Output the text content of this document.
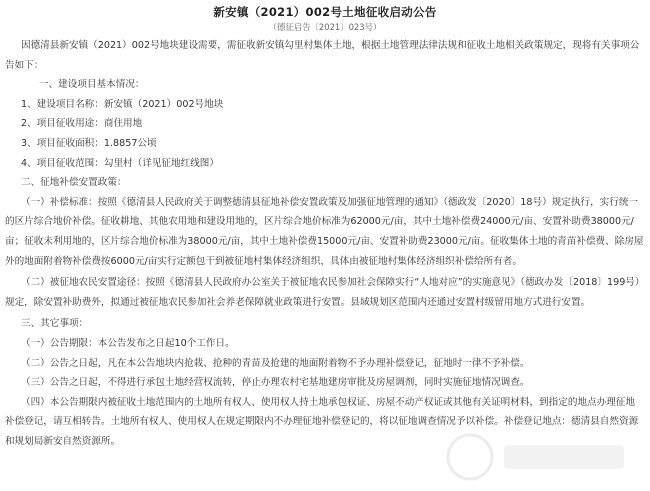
新安镇（2021）002号土地征收启动公告
（德征启告〔2021〕023号）

因德清县新安镇（2021）002号地块建设需要，需征收新安镇勾里村集体土地，根据土地管理法律法规和征收土地相关政策规定，现将有关事项公告如下：

一、建设项目基本情况：

1、建设项目名称：新安镇（2021）002号地块

2、项目征收用途：商住用地

3、项目征收面积：1.8857公顷

4、项目征收范围：勾里村（详见征地红线图）

二、征地补偿安置政策：

（一）补偿标准：按照《德清县人民政府关于调整德清县征地补偿安置政策及加强征地管理的通知》（德政发〔2020〕18号）规定执行，实行统一的区片综合地价补偿。征收耕地、其他农用地和建设用地的，区片综合地价标准为62000元/亩，其中土地补偿费24000元/亩、安置补助费38000元/亩；征收未利用地的，区片综合地价标准为38000元/亩，其中土地补偿费15000元/亩、安置补助费23000元/亩。征收集体土地的青苗补偿费、除房屋外的地面附着物补偿费按6000元/亩实行定额包干到被征地村集体经济组织，具体由被征地村集体经济组织补偿给所有者。

（二）被征地农民安置途径：按照《德清县人民政府办公室关于被征地农民参加社会保障实行“人地对应”的实施意见》（德政办发〔2018〕199号）规定，除安置补助费外，拟通过被征地农民参加社会养老保障就业政策进行安置。县域规划区范围内还通过安置村级留用地方式进行安置。

三、其它事项：

（一）公告期限：本公告发布之日起10个工作日。

（二）公告之日起，凡在本公告地块内抢栽、抢种的青苗及抢建的地面附着物不予办理补偿登记，征地时一律不予补偿。

（三）公告之日起，不得进行承包土地经营权流转，停止办理农村宅基地建房审批及房屋调剂，同时实施征地情况调查。

（四）本公告期限内被征收土地范围内的土地所有权人、使用权人持土地承包权证、房屋不动产权证或其他有关证明材料，到指定的地点办理征地补偿登记，请互相转告。土地所有权人、使用权人在规定期限内不办理征地补偿登记的，将以征地调查情况予以补偿。补偿登记地点：德清县自然资源和规划局新安自然资源所。
